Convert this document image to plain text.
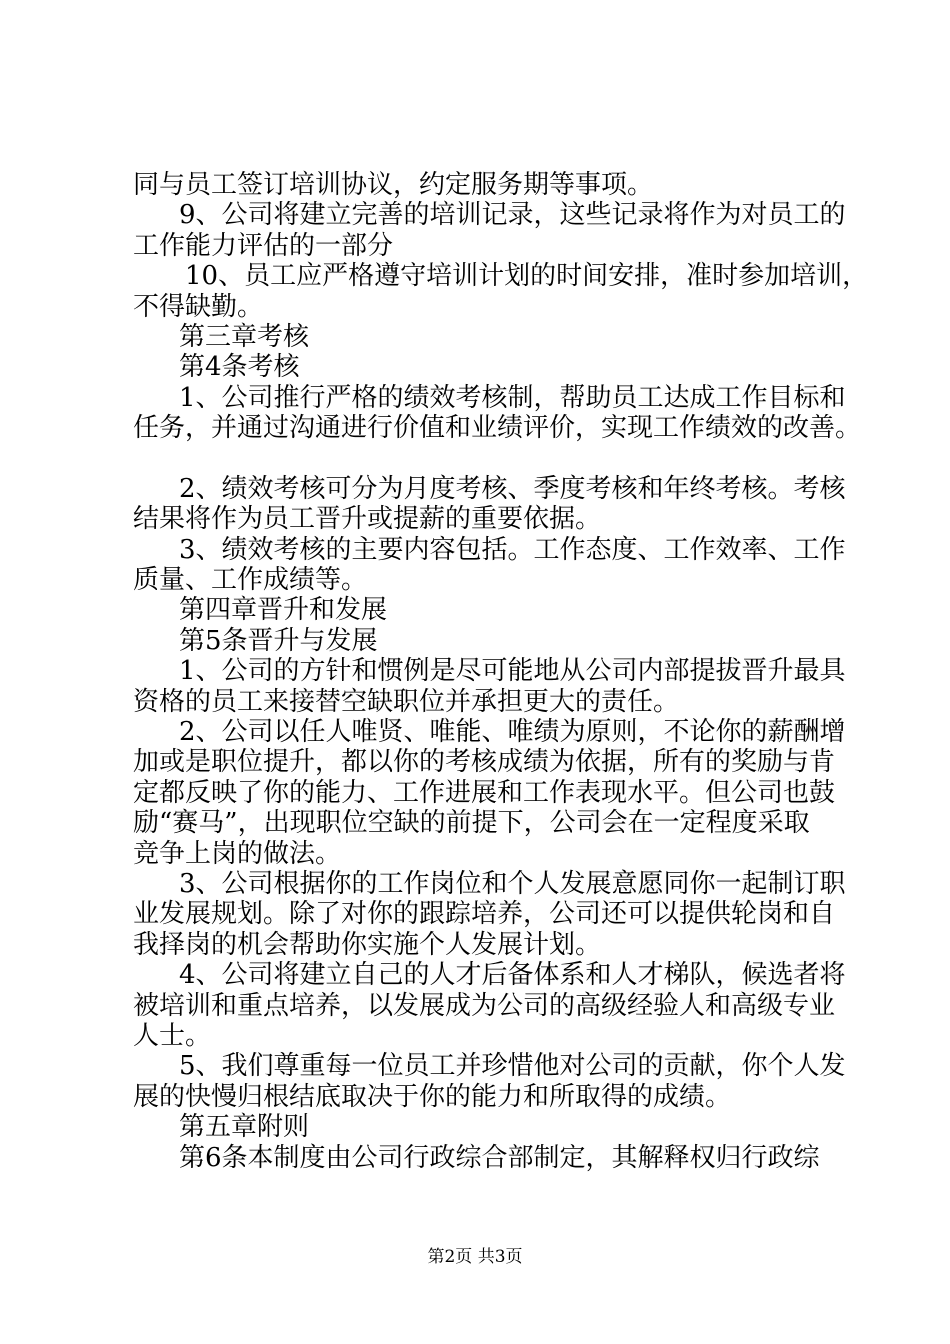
同与员工签订培训协议，约定服务期等事项。
9、公司将建立完善的培训记录，这些记录将作为对员工的
工作能力评估的一部分
10、员工应严格遵守培训计划的时间安排，准时参加培训，
不得缺勤。
第三章考核
第4条考核
1、公司推行严格的绩效考核制，帮助员工达成工作目标和
任务，并通过沟通进行价值和业绩评价，实现工作绩效的改善。
2、绩效考核可分为月度考核、季度考核和年终考核。考核
结果将作为员工晋升或提薪的重要依据。
3、绩效考核的主要内容包括。工作态度、工作效率、工作
质量、工作成绩等。
第四章晋升和发展
第5条晋升与发展
1、公司的方针和惯例是尽可能地从公司内部提拔晋升最具
资格的员工来接替空缺职位并承担更大的责任。
2、公司以任人唯贤、唯能、唯绩为原则，不论你的薪酬增
加或是职位提升，都以你的考核成绩为依据，所有的奖励与肯
定都反映了你的能力、工作进展和工作表现水平。但公司也鼓
励“赛马”，出现职位空缺的前提下，公司会在一定程度采取
竞争上岗的做法。
3、公司根据你的工作岗位和个人发展意愿同你一起制订职
业发展规划。除了对你的跟踪培养，公司还可以提供轮岗和自
我择岗的机会帮助你实施个人发展计划。
4、公司将建立自己的人才后备体系和人才梯队，候选者将
被培训和重点培养，以发展成为公司的高级经验人和高级专业
人士。
5、我们尊重每一位员工并珍惜他对公司的贡献，你个人发
展的快慢归根结底取决于你的能力和所取得的成绩。
第五章附则
第6条本制度由公司行政综合部制定，其解释权归行政综
第2页 共3页
